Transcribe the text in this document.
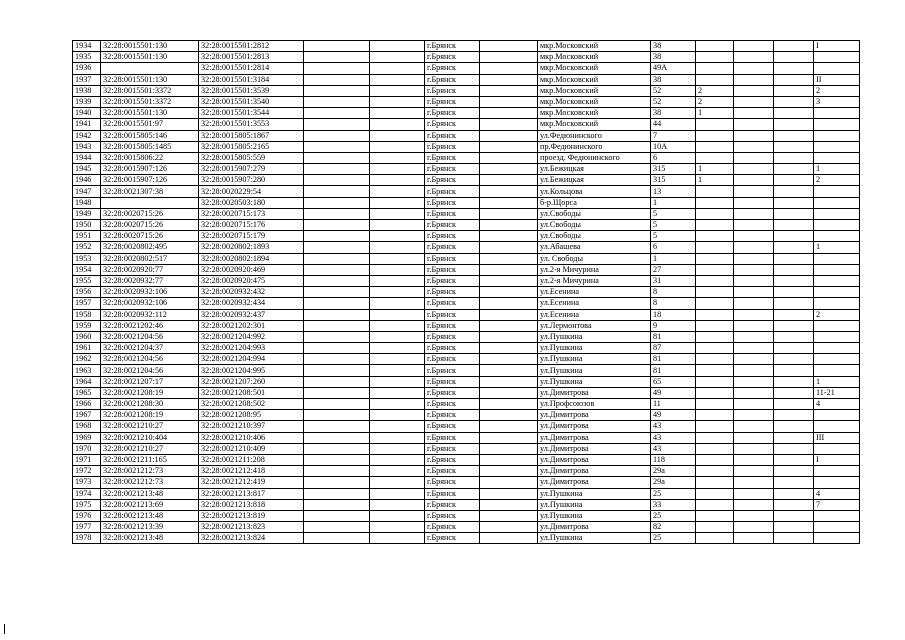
1934	32:28:0015501:130	32:28:0015501:2812			г.Брянск		мкр.Московский	38				I
1935	32:28:0015501:130	32:28:0015501:2813			г.Брянск		мкр.Московский	38				
1936		32:28:0015501:2814			г.Брянск		мкр.Московский	49А				
1937	32:28:0015501:130	32:28:0015501:3184			г.Брянск		мкр.Московский	38				II
1938	32:28:0015501:3372	32:28:0015501:3539			г.Брянск		мкр.Московский	52	2			2
1939	32:28:0015501:3372	32:28:0015501:3540			г.Брянск		мкр.Московский	52	2			3
1940	32:28:0015501:130	32:28:0015501:3544			г.Брянск		мкр.Московский	38	1			
1941	32:28:0015501:97	32:28:0015501:3553			г.Брянск		мкр.Московский	44				
1942	32:28:0015805:146	32:28:0015805:1867			г.Брянск		ул.Федюнинского	7				
1943	32:28:0015805:1485	32:28:0015805:2165			г.Брянск		пр.Федюнинского	10А				
1944	32:28:0015806:22	32:28:0015805:559			г.Брянск		проезд. Федюнинского	6				
1945	32:28:0015907:126	32:28:0015907:279			г.Брянск		ул.Бежицкая	315	1			1
1946	32:28:0015907:126	32:28:0015907:280			г.Брянск		ул.Бежицкая	315	1			2
1947	32:28:0021307:38	32:28:0020229:54			г.Брянск		ул.Кольцова	13				
1948		32:28:0020503:180			г.Брянск		б-р.Щорса	1				
1949	32:28:0020715:26	32:28:0020715:173			г.Брянск		ул.Свободы	5				
1950	32:28:0020715:26	32:28:0020715:176			г.Брянск		ул.Свободы	5				
1951	32:28:0020715:26	32:28:0020715:179			г.Брянск		ул.Свободы	5				
1952	32:28:0020802:495	32:28:0020802:1893			г.Брянск		ул.Абашева	6				1
1953	32:28:0020802:517	32:28:0020802:1894			г.Брянск		ул. Свободы	1				
1954	32:28:0020920:77	32:28:0020920:469			г.Брянск		ул.2-я Мичурина	27				
1955	32:28:0020932:77	32:28:0020920:475			г.Брянск		ул.2-я Мичурина	31				
1956	32:28:0020932:106	32:28:0020932:432			г.Брянск		ул.Есенина	8				
1957	32:28:0020932:106	32:28:0020932:434			г.Брянск		ул.Есенина	8				
1958	32:28:0020932:112	32:28:0020932:437			г.Брянск		ул.Есенина	18				2
1959	32:28:0021202:46	32:28:0021202:301			г.Брянск		ул.Лермонтова	9				
1960	32:28:0021204:56	32:28:0021204:992			г.Брянск		ул.Пушкина	81				
1961	32:28:0021204:37	32:28:0021204:993			г.Брянск		ул.Пушкина	87				
1962	32:28:0021204:56	32:28:0021204:994			г.Брянск		ул.Пушкина	81				
1963	32:28:0021204:56	32:28:0021204:995			г.Брянск		ул.Пушкина	81				
1964	32:28:0021207:17	32:28:0021207:260			г.Брянск		ул.Пушкина	65				1
1965	32:28:0021208:19	32:28:0021208:501			г.Брянск		ул.Димитрова	49				11-21
1966	32:28:0021208:30	32:28:0021208:502			г.Брянск		ул.Профсоюзов	11				4
1967	32:28:0021208:19	32:28:0021208:95			г.Брянск		ул.Димитрова	49				
1968	32:28:0021210:27	32:28:0021210:397			г.Брянск		ул.Димитрова	43				
1969	32:28:0021210:404	32:28:0021210:406			г.Брянск		ул.Димитрова	43				III
1970	32:28:0021210:27	32:28:0021210:409			г.Брянск		ул.Димитрова	43				
1971	32:28:0021211:165	32:28:0021211:208			г.Брянск		ул.Димитрова	118				I
1972	32:28:0021212:73	32:28:0021212:418			г.Брянск		ул.Димитрова	29а				
1973	32:28:0021212:73	32:28:0021212:419			г.Брянск		ул.Димитрова	29а				
1974	32:28:0021213:48	32:28:0021213:817			г.Брянск		ул.Пушкина	25				4
1975	32:28:0021213:69	32:28:0021213:818			г.Брянск		ул.Пушкина	33				7
1976	32:28:0021213:48	32:28:0021213:819			г.Брянск		ул.Пушкина	25				
1977	32:28:0021213:39	32:28:0021213:823			г.Брянск		ул.Димитрова	82				
1978	32:28:0021213:48	32:28:0021213:824			г.Брянск		ул.Пушкина	25				
